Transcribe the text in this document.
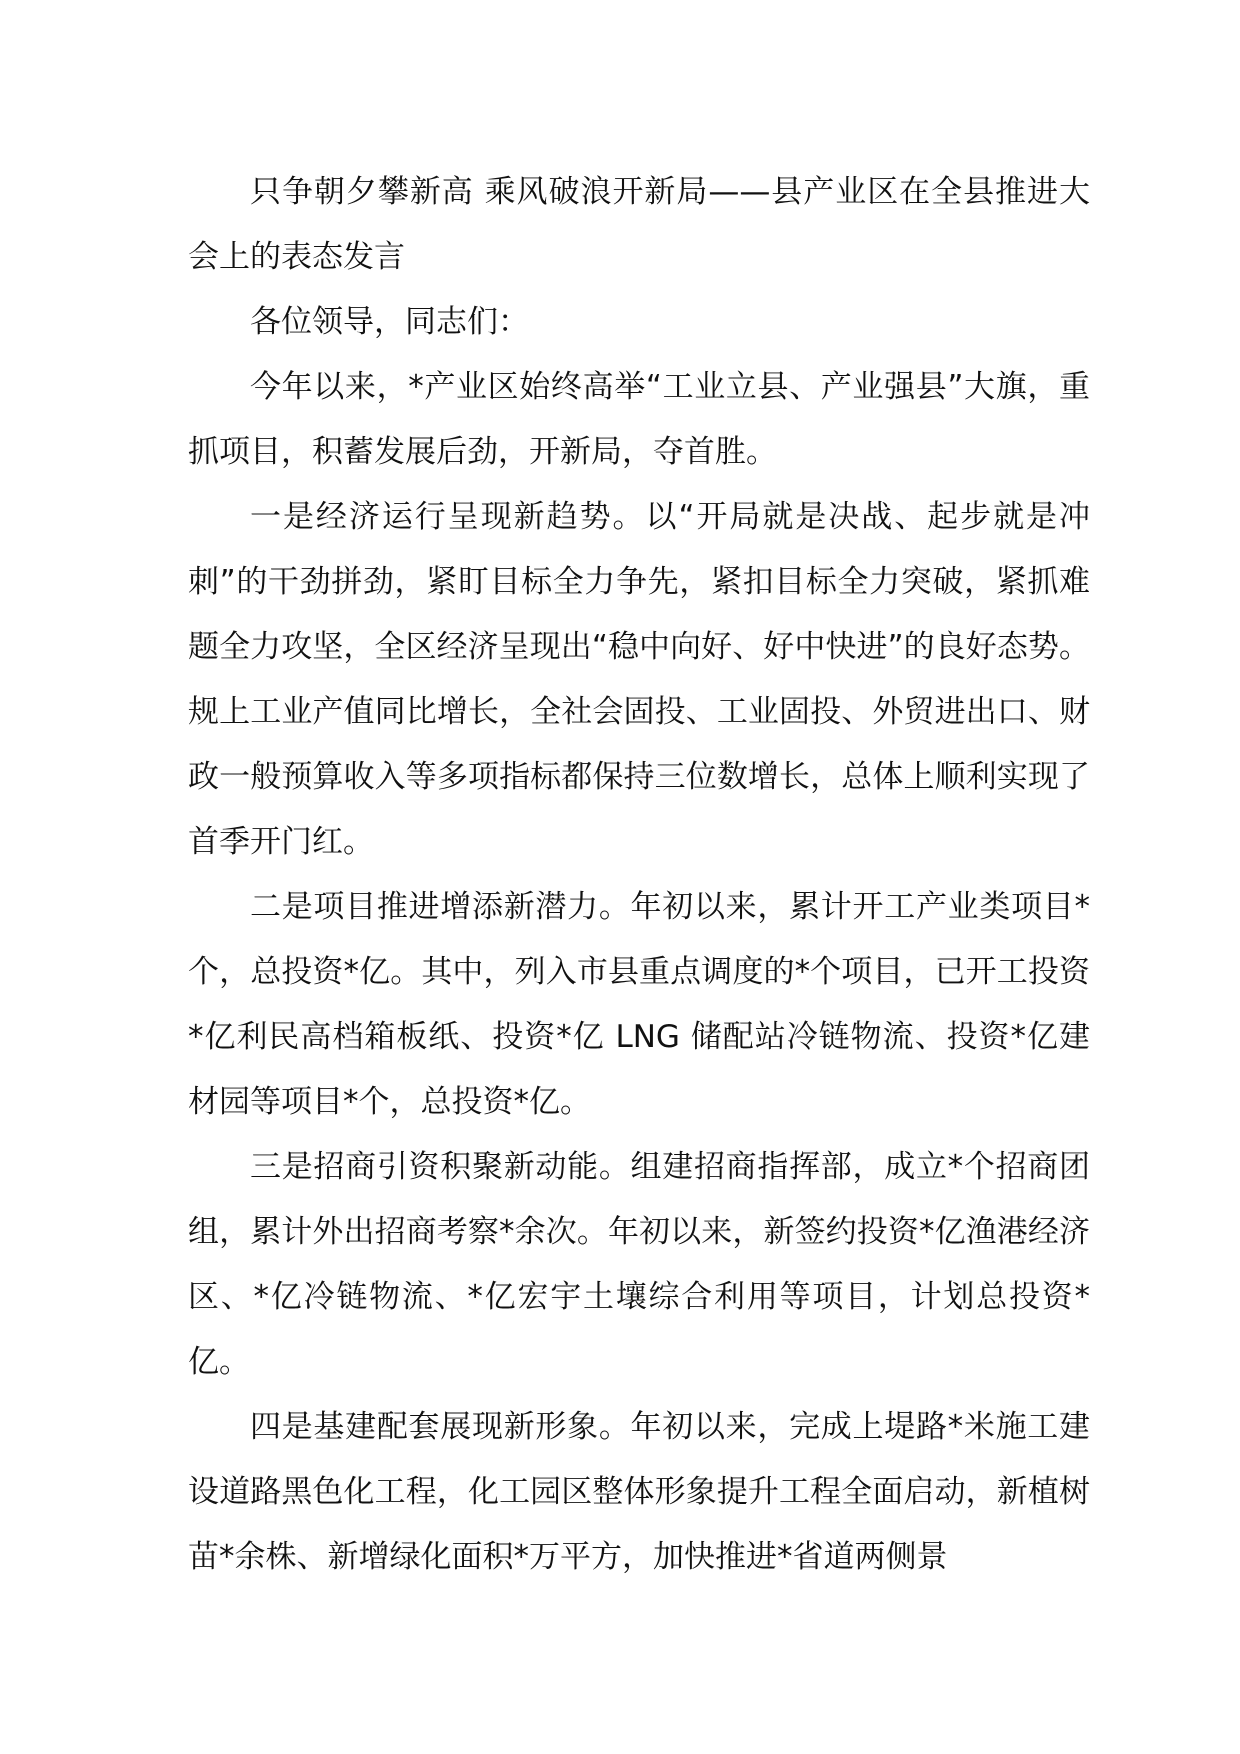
只争朝夕攀新高 乘风破浪开新局——县产业区在全县推进大会上的表态发言

各位领导，同志们：

今年以来，*产业区始终高举“工业立县、产业强县”大旗，重抓项目，积蓄发展后劲，开新局，夺首胜。

一是经济运行呈现新趋势。以“开局就是决战、起步就是冲刺”的干劲拼劲，紧盯目标全力争先，紧扣目标全力突破，紧抓难题全力攻坚，全区经济呈现出“稳中向好、好中快进”的良好态势。规上工业产值同比增长，全社会固投、工业固投、外贸进出口、财政一般预算收入等多项指标都保持三位数增长，总体上顺利实现了首季开门红。

二是项目推进增添新潜力。年初以来，累计开工产业类项目*个，总投资*亿。其中，列入市县重点调度的*个项目，已开工投资*亿利民高档箱板纸、投资*亿 LNG 储配站冷链物流、投资*亿建材园等项目*个，总投资*亿。

三是招商引资积聚新动能。组建招商指挥部，成立*个招商团组，累计外出招商考察*余次。年初以来，新签约投资*亿渔港经济区、*亿冷链物流、*亿宏宇土壤综合利用等项目，计划总投资*亿。

四是基建配套展现新形象。年初以来，完成上堤路*米施工建设道路黑色化工程，化工园区整体形象提升工程全面启动，新植树苗*余株、新增绿化面积*万平方，加快推进*省道两侧景
